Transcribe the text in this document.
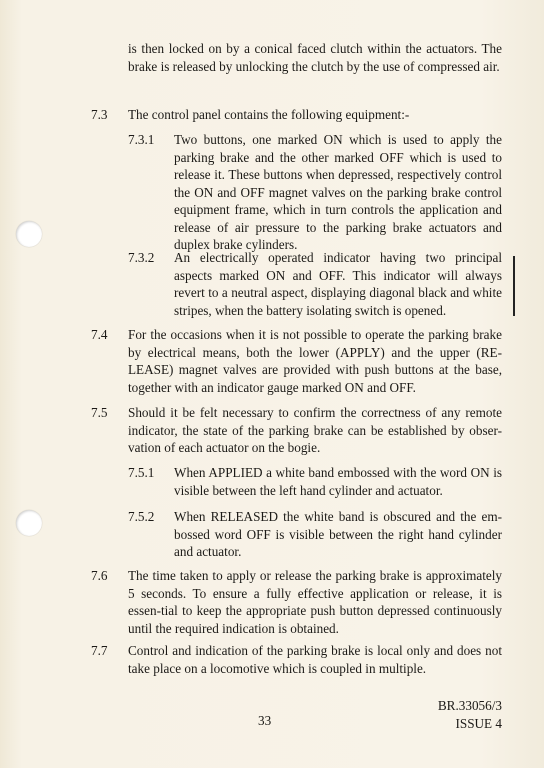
is then locked on by a conical faced clutch within the actuators. The brake is released by unlocking the clutch by the use of compressed air.

7.3 The control panel contains the following equipment:-

7.3.1 Two buttons, one marked ON which is used to apply the parking brake and the other marked OFF which is used to release it. These buttons when depressed, respectively control the ON and OFF magnet valves on the parking brake control equipment frame, which in turn controls the application and release of air pressure to the parking brake actuators and duplex brake cylinders.

7.3.2 An electrically operated indicator having two principal aspects marked ON and OFF. This indicator will always revert to a neutral aspect, displaying diagonal black and white stripes, when the battery isolating switch is opened.

7.4 For the occasions when it is not possible to operate the parking brake by electrical means, both the lower (APPLY) and the upper (RE-LEASE) magnet valves are provided with push buttons at the base, together with an indicator gauge marked ON and OFF.

7.5 Should it be felt necessary to confirm the correctness of any remote indicator, the state of the parking brake can be established by obser-vation of each actuator on the bogie.

7.5.1 When APPLIED a white band embossed with the word ON is visible between the left hand cylinder and actuator.

7.5.2 When RELEASED the white band is obscured and the em-bossed word OFF is visible between the right hand cylinder and actuator.

7.6 The time taken to apply or release the parking brake is approximately 5 seconds. To ensure a fully effective application or release, it is essen-tial to keep the appropriate push button depressed continuously until the required indication is obtained.

7.7 Control and indication of the parking brake is local only and does not take place on a locomotive which is coupled in multiple.

33
BR.33056/3
ISSUE 4
